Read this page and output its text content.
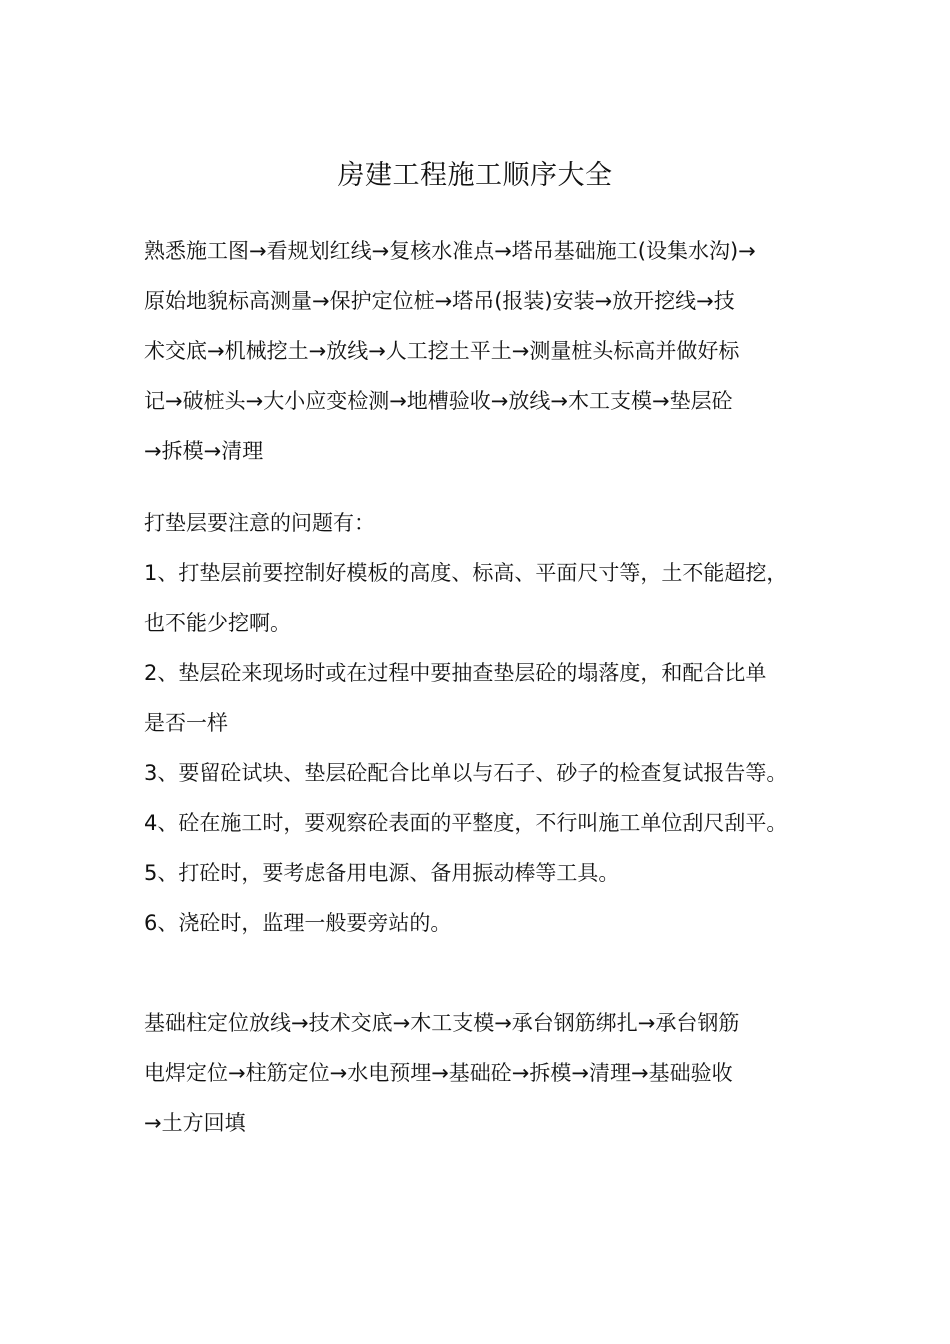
房建工程施工顺序大全

熟悉施工图→看规划红线→复核水准点→塔吊基础施工(设集水沟)→
原始地貌标高测量→保护定位桩→塔吊(报装)安装→放开挖线→技
术交底→机械挖土→放线→人工挖土平土→测量桩头标高并做好标
记→破桩头→大小应变检测→地槽验收→放线→木工支模→垫层砼
→拆模→清理

打垫层要注意的问题有：

1、打垫层前要控制好模板的高度、标高、平面尺寸等，土不能超挖，
也不能少挖啊。

2、垫层砼来现场时或在过程中要抽查垫层砼的塌落度，和配合比单
是否一样

3、要留砼试块、垫层砼配合比单以与石子、砂子的检查复试报告等。

4、砼在施工时，要观察砼表面的平整度，不行叫施工单位刮尺刮平。

5、打砼时，要考虑备用电源、备用振动棒等工具。

6、浇砼时，监理一般要旁站的。

基础柱定位放线→技术交底→木工支模→承台钢筋绑扎→承台钢筋
电焊定位→柱筋定位→水电预埋→基础砼→拆模→清理→基础验收
→土方回填
